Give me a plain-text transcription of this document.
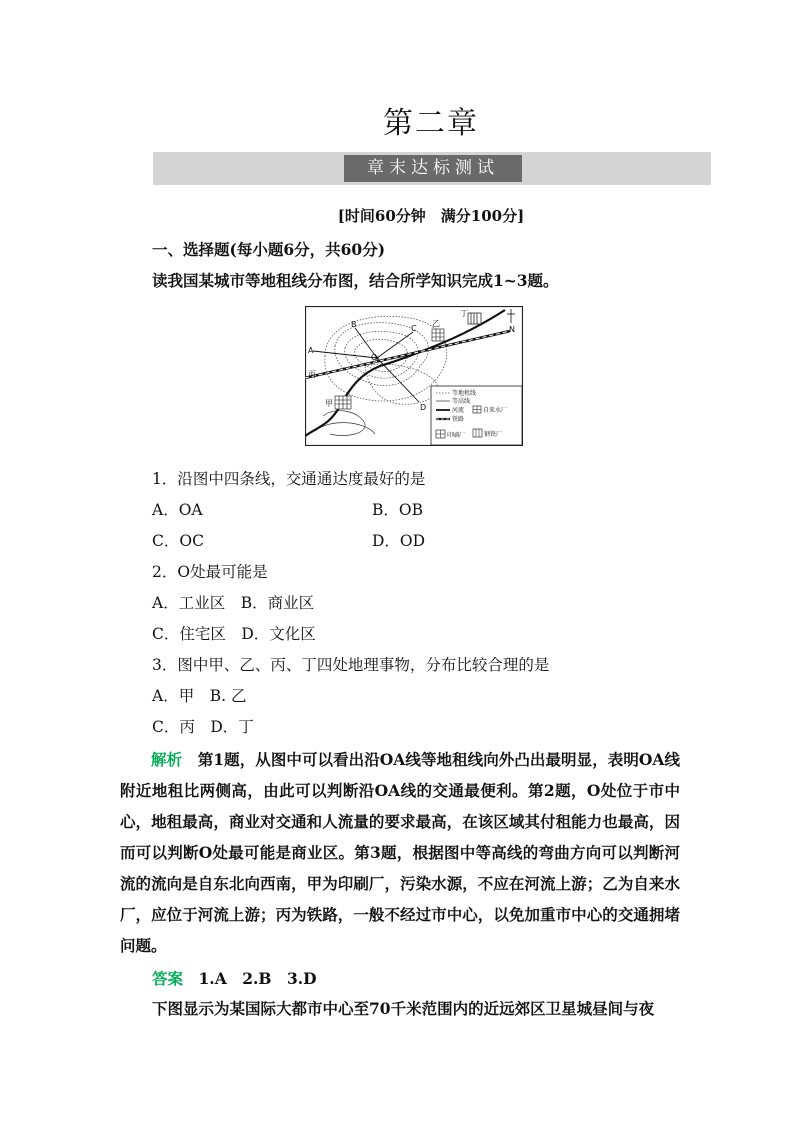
第二章
章末达标测试
[时间60分钟　满分100分]
一、选择题(每小题6分，共60分)
读我国某城市等地租线分布图，结合所学知识完成1~3题。
A
B	C
D
O
N
丙
甲
乙
丁
等地租线
等高线
河流	自来水厂
铁路
印刷厂	钢铁厂
1．沿图中四条线，交通通达度最好的是
A．OA	B．OB
C．OC	D．OD
2．O处最可能是
A．工业区　B．商业区
C．住宅区　D．文化区
3．图中甲、乙、丙、丁四处地理事物，分布比较合理的是
A．甲　B. 乙
C．丙　D．丁
解析　第1题，从图中可以看出沿OA线等地租线向外凸出最明显，表明OA线附近地租比两侧高，由此可以判断沿OA线的交通最便利。第2题，O处位于市中心，地租最高，商业对交通和人流量的要求最高，在该区域其付租能力也最高，因而可以判断O处最可能是商业区。第3题，根据图中等高线的弯曲方向可以判断河流的流向是自东北向西南，甲为印刷厂，污染水源，不应在河流上游；乙为自来水厂，应位于河流上游；丙为铁路，一般不经过市中心，以免加重市中心的交通拥堵问题。
答案　1.A　2.B　3.D
下图显示为某国际大都市中心至70千米范围内的近远郊区卫星城昼间与夜
